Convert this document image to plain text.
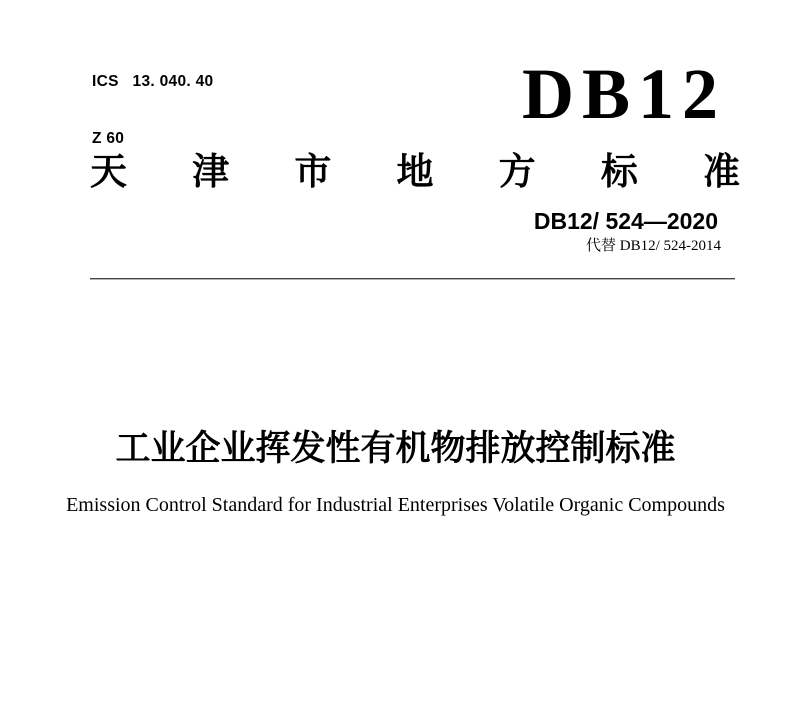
ICS   13. 040. 40

Z 60

DB12
天津市地方标准
DB12/ 524—2020
代替 DB12/ 524-2014
工业企业挥发性有机物排放控制标准
Emission Control Standard for Industrial Enterprises Volatile Organic Compounds
